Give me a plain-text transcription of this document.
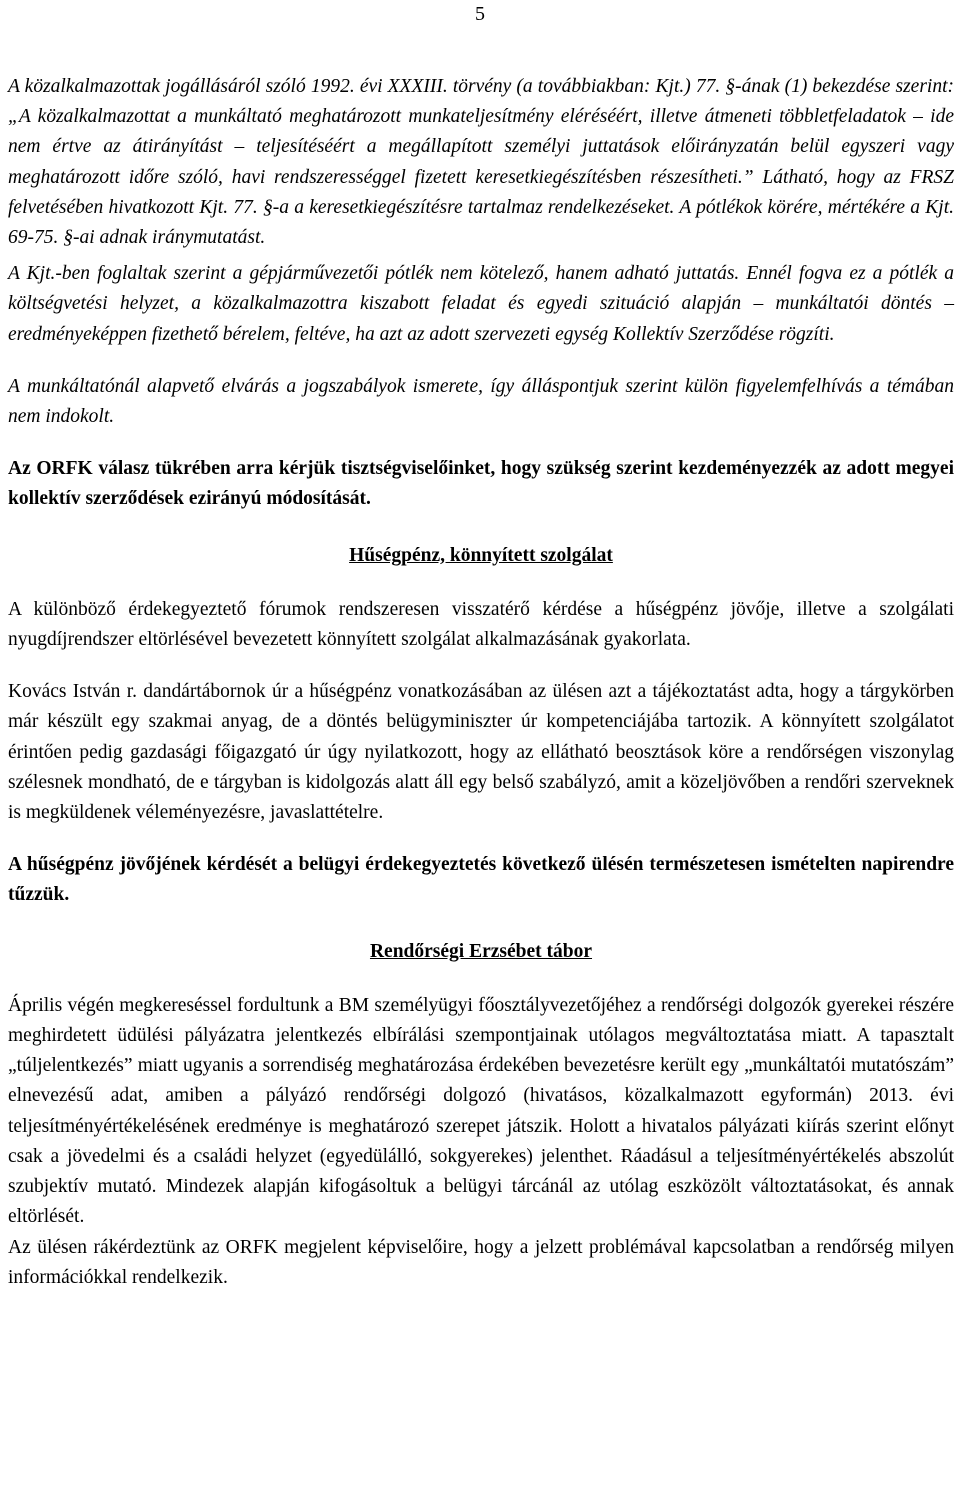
5

A közalkalmazottak jogállásáról szóló 1992. évi XXXIII. törvény (a továbbiakban: Kjt.) 77. §-ának (1) bekezdése szerint: „A közalkalmazottat a munkáltató meghatározott munkateljesítmény eléréséért, illetve átmeneti többletfeladatok – ide nem értve az átirányítást – teljesítéséért a megállapított személyi juttatások előirányzatán belül egyszeri vagy meghatározott időre szóló, havi rendszerességgel fizetett keresetkiegészítésben részesítheti.” Látható, hogy az FRSZ felvetésében hivatkozott Kjt. 77. §-a a keresetkiegészítésre tartalmaz rendelkezéseket. A pótlékok körére, mértékére a Kjt. 69-75. §-ai adnak iránymutatást.

A Kjt.-ben foglaltak szerint a gépjárművezetői pótlék nem kötelező, hanem adható juttatás. Ennél fogva ez a pótlék a költségvetési helyzet, a közalkalmazottra kiszabott feladat és egyedi szituáció alapján – munkáltatói döntés – eredményeképpen fizethető bérelem, feltéve, ha azt az adott szervezeti egység Kollektív Szerződése rögzíti.

A munkáltatónál alapvető elvárás a jogszabályok ismerete, így álláspontjuk szerint külön figyelemfelhívás a témában nem indokolt.

Az ORFK válasz tükrében arra kérjük tisztségviselőinket, hogy szükség szerint kezdeményezzék az adott megyei kollektív szerződések ezirányú módosítását.

Hűségpénz, könnyített szolgálat

A különböző érdekegyeztető fórumok rendszeresen visszatérő kérdése a hűségpénz jövője, illetve a szolgálati nyugdíjrendszer eltörlésével bevezetett könnyített szolgálat alkalmazásának gyakorlata.

Kovács István r. dandártábornok úr a hűségpénz vonatkozásában az ülésen azt a tájékoztatást adta, hogy a tárgykörben már készült egy szakmai anyag, de a döntés belügyminiszter úr kompetenciájába tartozik. A könnyített szolgálatot érintően pedig gazdasági főigazgató úr úgy nyilatkozott, hogy az ellátható beosztások köre a rendőrségen viszonylag szélesnek mondható, de e tárgyban is kidolgozás alatt áll egy belső szabályzó, amit a közeljövőben a rendőri szerveknek is megküldenek véleményezésre, javaslattételre.

A hűségpénz jövőjének kérdését a belügyi érdekegyeztetés következő ülésén természetesen ismételten napirendre tűzzük.

Rendőrségi Erzsébet tábor

Április végén megkereséssel fordultunk a BM személyügyi főosztályvezetőjéhez a rendőrségi dolgozók gyerekei részére meghirdetett üdülési pályázatra jelentkezés elbírálási szempontjainak utólagos megváltoztatása miatt. A tapasztalt „túljelentkezés” miatt ugyanis a sorrendiség meghatározása érdekében bevezetésre került egy „munkáltatói mutatószám” elnevezésű adat, amiben a pályázó rendőrségi dolgozó (hivatásos, közalkalmazott egyformán) 2013. évi teljesítményértékelésének eredménye is meghatározó szerepet játszik. Holott a hivatalos pályázati kiírás szerint előnyt csak a jövedelmi és a családi helyzet (egyedülálló, sokgyerekes) jelenthet. Ráadásul a teljesítményértékelés abszolút szubjektív mutató. Mindezek alapján kifogásoltuk a belügyi tárcánál az utólag eszközölt változtatásokat, és annak eltörlését.

Az ülésen rákérdeztünk az ORFK megjelent képviselőire, hogy a jelzett problémával kapcsolatban a rendőrség milyen információkkal rendelkezik.
